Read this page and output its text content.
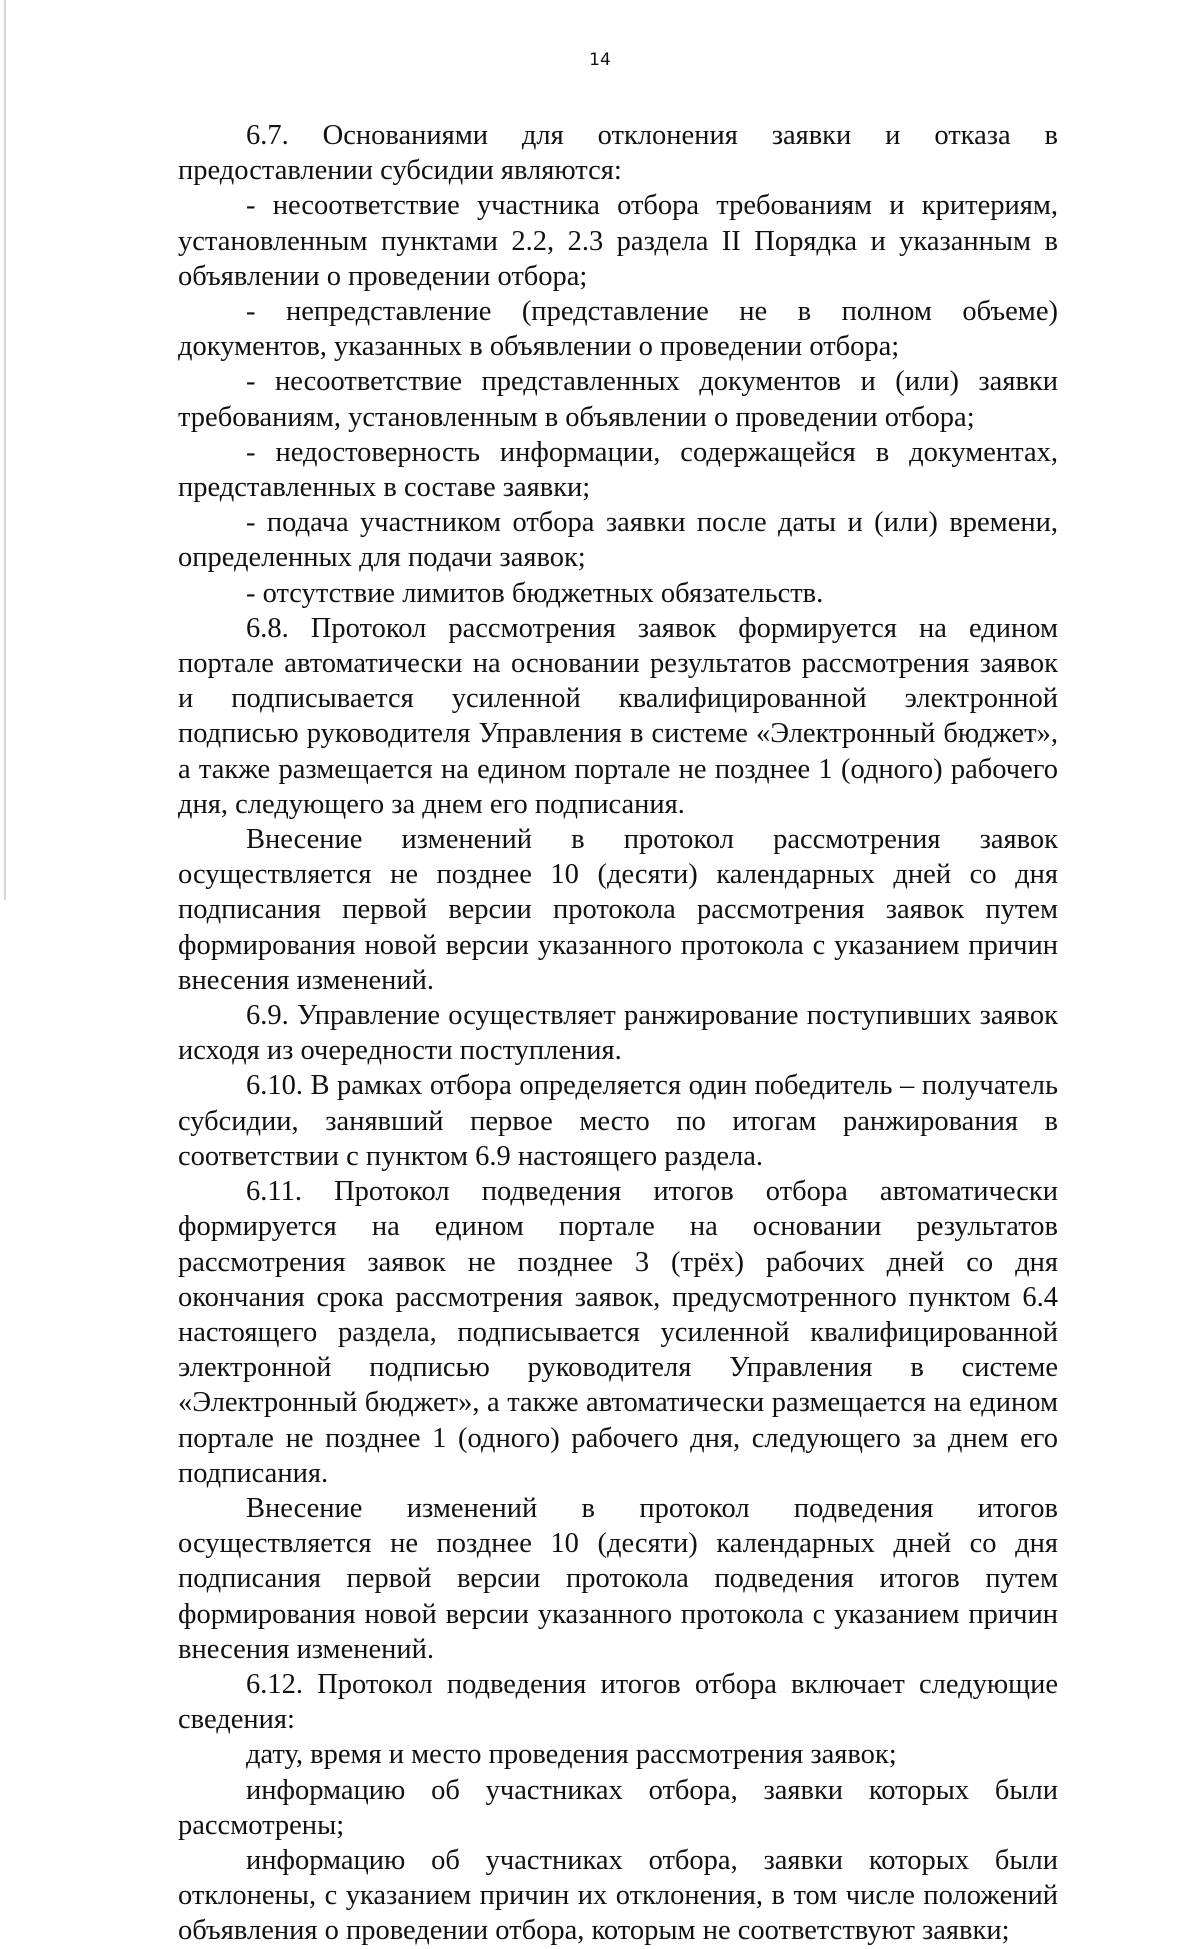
14

6.7. Основаниями для отклонения заявки и отказа в предоставлении субсидии являются:

- несоответствие участника отбора требованиям и критериям, установленным пунктами 2.2, 2.3 раздела II Порядка и указанным в объявлении о проведении отбора;

- непредставление (представление не в полном объеме) документов, указанных в объявлении о проведении отбора;

- несоответствие представленных документов и (или) заявки требованиям, установленным в объявлении о проведении отбора;

- недостоверность информации, содержащейся в документах, представленных в составе заявки;

- подача участником отбора заявки после даты и (или) времени, определенных для подачи заявок;

- отсутствие лимитов бюджетных обязательств.

6.8. Протокол рассмотрения заявок формируется на едином портале автоматически на основании результатов рассмотрения заявок и подписывается усиленной квалифицированной электронной подписью руководителя Управления в системе «Электронный бюджет», а также размещается на едином портале не позднее 1 (одного) рабочего дня, следующего за днем его подписания.

Внесение изменений в протокол рассмотрения заявок осуществляется не позднее 10 (десяти) календарных дней со дня подписания первой версии протокола рассмотрения заявок путем формирования новой версии указанного протокола с указанием причин внесения изменений.

6.9. Управление осуществляет ранжирование поступивших заявок исходя из очередности поступления.

6.10. В рамках отбора определяется один победитель – получатель субсидии, занявший первое место по итогам ранжирования в соответствии с пунктом 6.9 настоящего раздела.

6.11. Протокол подведения итогов отбора автоматически формируется на едином портале на основании результатов рассмотрения заявок не позднее 3 (трёх) рабочих дней со дня окончания срока рассмотрения заявок, предусмотренного пунктом 6.4 настоящего раздела, подписывается усиленной квалифицированной электронной подписью руководителя Управления в системе «Электронный бюджет», а также автоматически размещается на едином портале не позднее 1 (одного) рабочего дня, следующего за днем его подписания.

Внесение изменений в протокол подведения итогов осуществляется не позднее 10 (десяти) календарных дней со дня подписания первой версии протокола подведения итогов путем формирования новой версии указанного протокола с указанием причин внесения изменений.

6.12. Протокол подведения итогов отбора включает следующие сведения:

дату, время и место проведения рассмотрения заявок;

информацию об участниках отбора, заявки которых были рассмотрены;

информацию об участниках отбора, заявки которых были отклонены, с указанием причин их отклонения, в том числе положений объявления о проведении отбора, которым не соответствуют заявки;
